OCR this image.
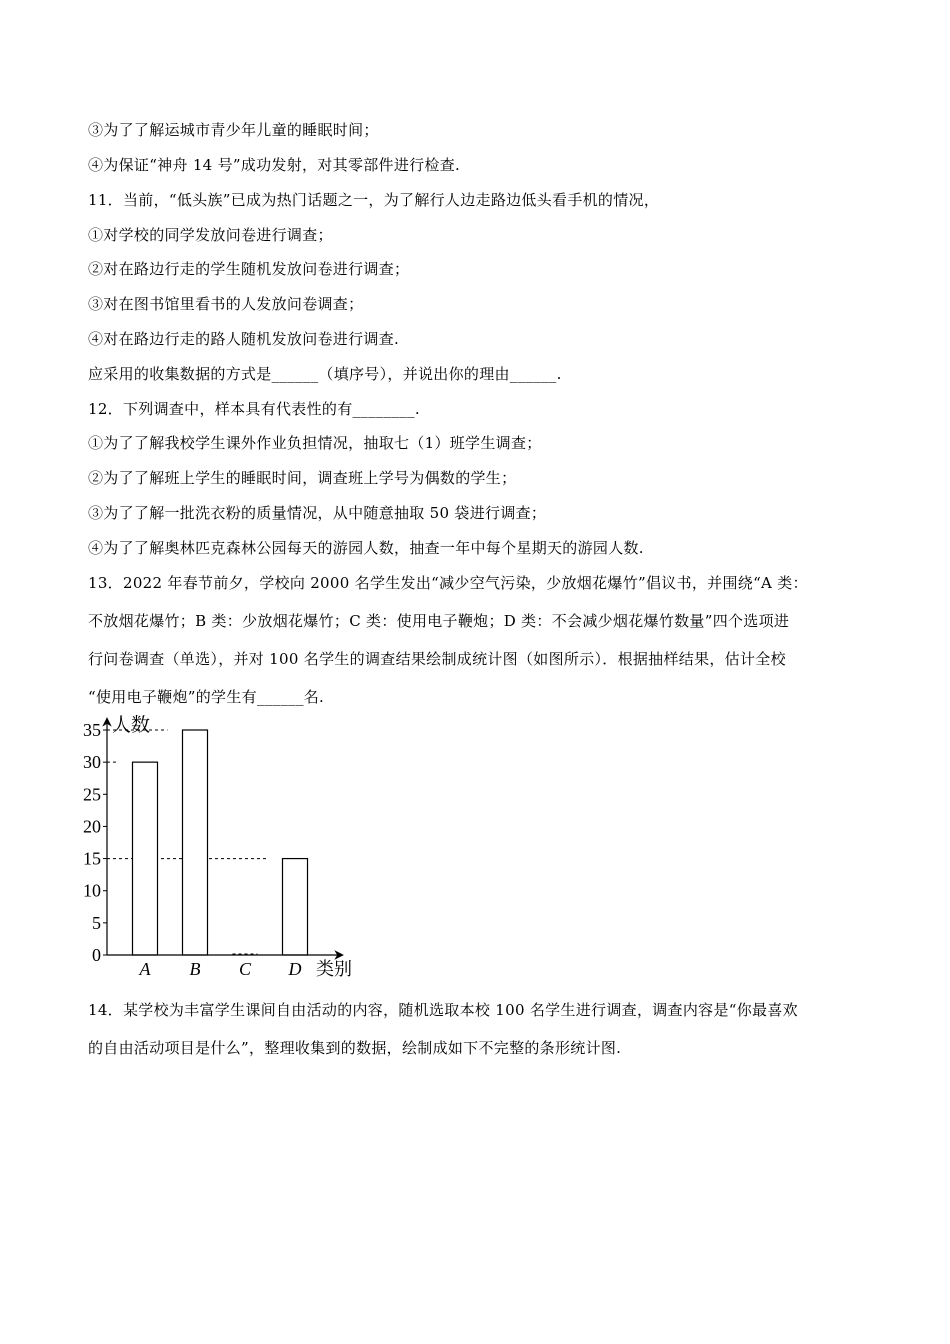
③为了了解运城市青少年儿童的睡眠时间；
④为保证“神舟 14 号”成功发射，对其零部件进行检查.
11．当前，“低头族”已成为热门话题之一，为了解行人边走路边低头看手机的情况，
①对学校的同学发放问卷进行调查；
②对在路边行走的学生随机发放问卷进行调查；
③对在图书馆里看书的人发放问卷调查；
④对在路边行走的路人随机发放问卷进行调查.
应采用的收集数据的方式是______（填序号），并说出你的理由______.
12．下列调查中，样本具有代表性的有________.
①为了了解我校学生课外作业负担情况，抽取七（1）班学生调查；
②为了了解班上学生的睡眠时间，调查班上学号为偶数的学生；
③为了了解一批洗衣粉的质量情况，从中随意抽取 50 袋进行调查；
④为了了解奥林匹克森林公园每天的游园人数，抽查一年中每个星期天的游园人数.
13．2022 年春节前夕，学校向 2000 名学生发出“减少空气污染，少放烟花爆竹”倡议书，并围绕“A 类：
不放烟花爆竹；B 类：少放烟花爆竹；C 类：使用电子鞭炮；D 类：不会减少烟花爆竹数量”四个选项进
行问卷调查（单选），并对 100 名学生的调查结果绘制成统计图（如图所示）．根据抽样结果，估计全校
“使用电子鞭炮”的学生有______名.
人数
类别
0
5
10
15
20
25
30
35
A B C D
14．某学校为丰富学生课间自由活动的内容，随机选取本校 100 名学生进行调查，调查内容是“你最喜欢
的自由活动项目是什么”，整理收集到的数据，绘制成如下不完整的条形统计图.
